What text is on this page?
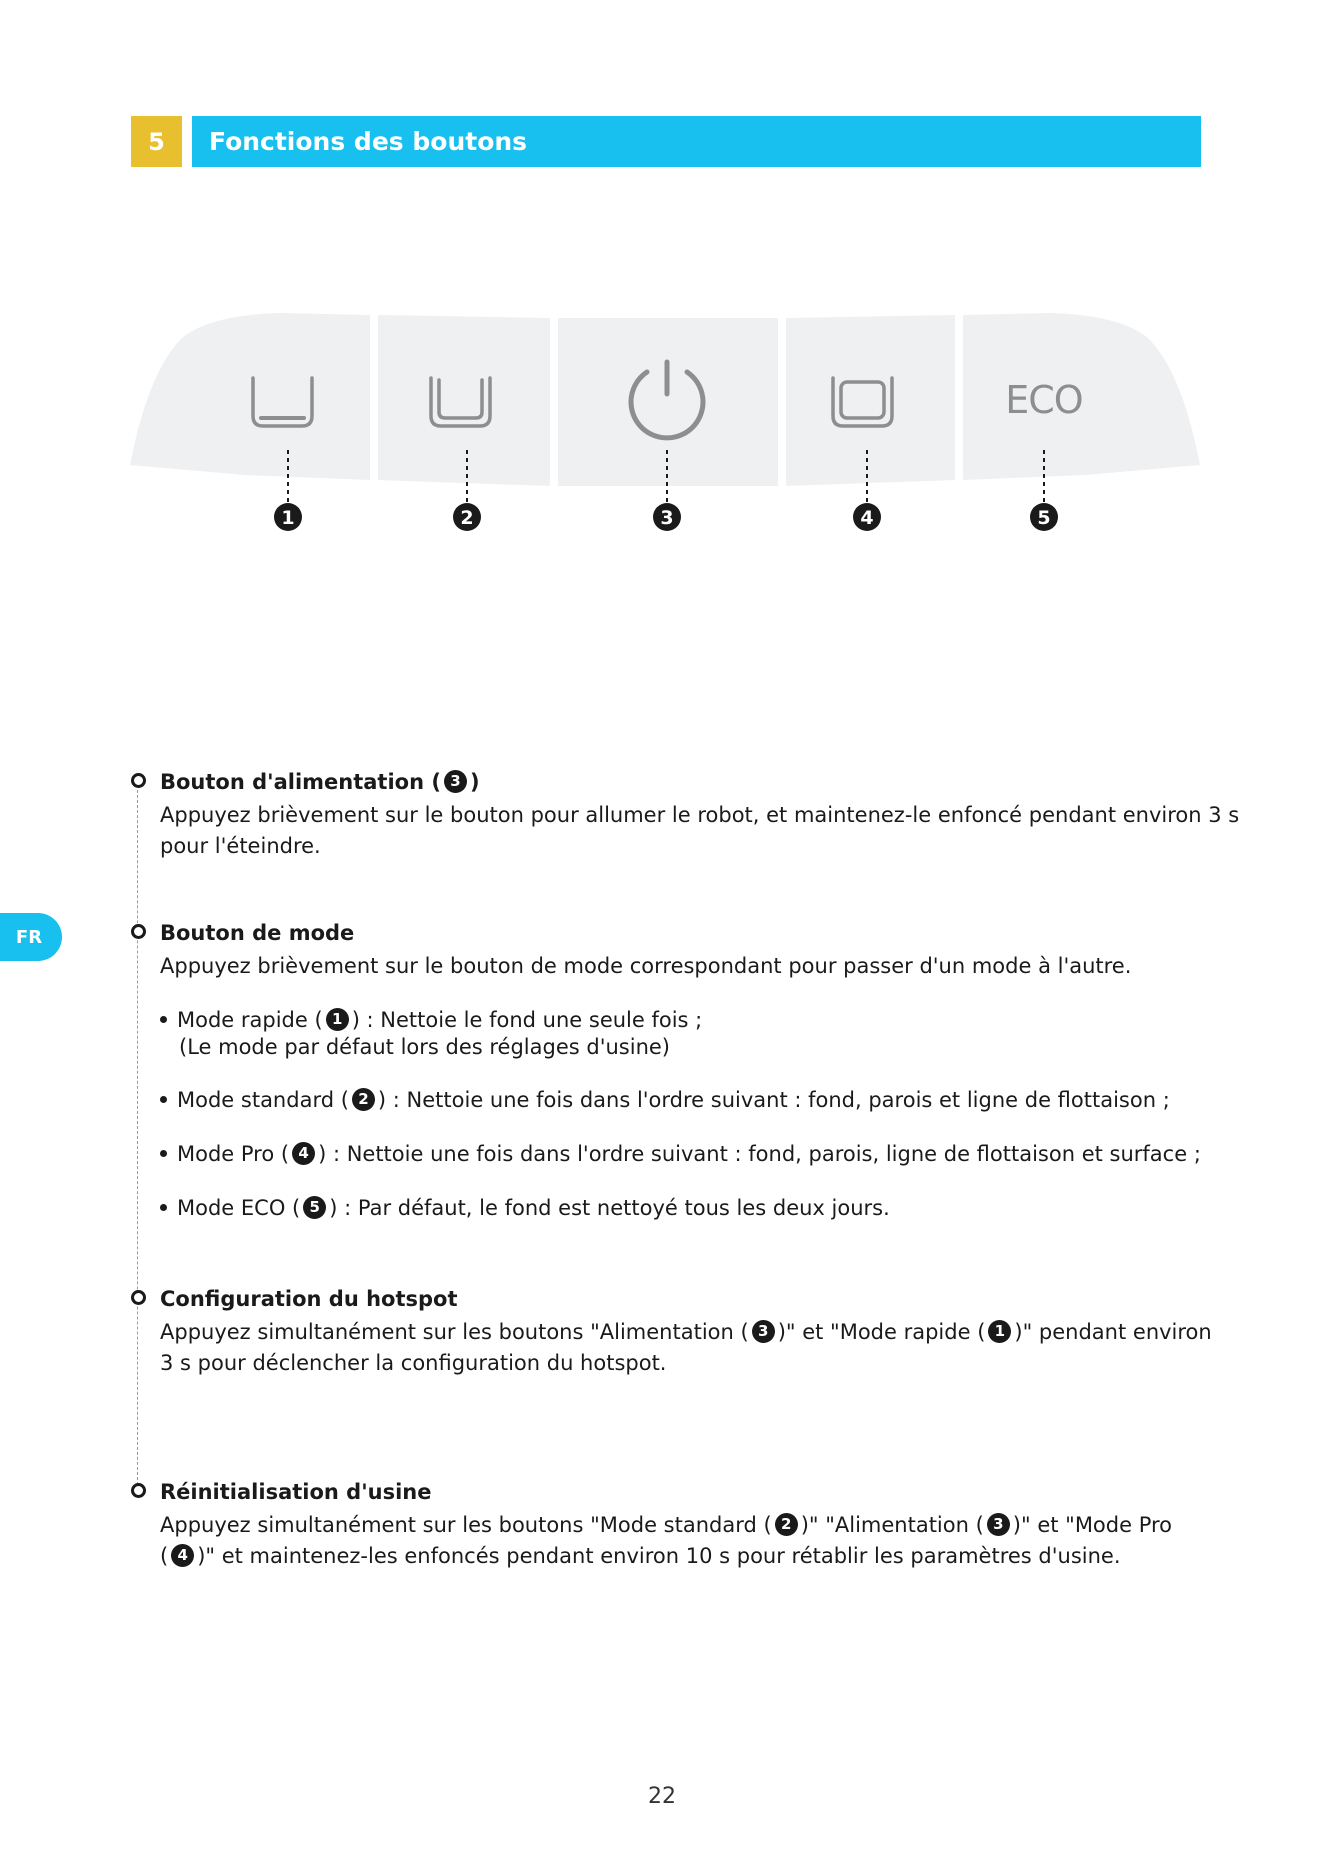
5	Fonctions des boutons
ECO
1	2	3	4	5
FR
Bouton d'alimentation ( 3 )

Appuyez brièvement sur le bouton pour allumer le robot, et maintenez-le enfoncé pendant environ 3 s
pour l'éteindre.

Bouton de mode

Appuyez brièvement sur le bouton de mode correspondant pour passer d'un mode à l'autre.

Mode rapide ( 1 ) : Nettoie le fond une seule fois ;
(Le mode par défaut lors des réglages d'usine)
Mode standard ( 2 ) : Nettoie une fois dans l'ordre suivant : fond, parois et ligne de flottaison ;
Mode Pro ( 4 ) : Nettoie une fois dans l'ordre suivant : fond, parois, ligne de flottaison et surface ;
Mode ECO ( 5 ) : Par défaut, le fond est nettoyé tous les deux jours.
Configuration du hotspot

Appuyez simultanément sur les boutons "Alimentation ( 3 )" et "Mode rapide ( 1 )" pendant environ
3 s pour déclencher la configuration du hotspot.

Réinitialisation d'usine

Appuyez simultanément sur les boutons "Mode standard ( 2 )" "Alimentation ( 3 )" et "Mode Pro
( 4 )" et maintenez-les enfoncés pendant environ 10 s pour rétablir les paramètres d'usine.

22
